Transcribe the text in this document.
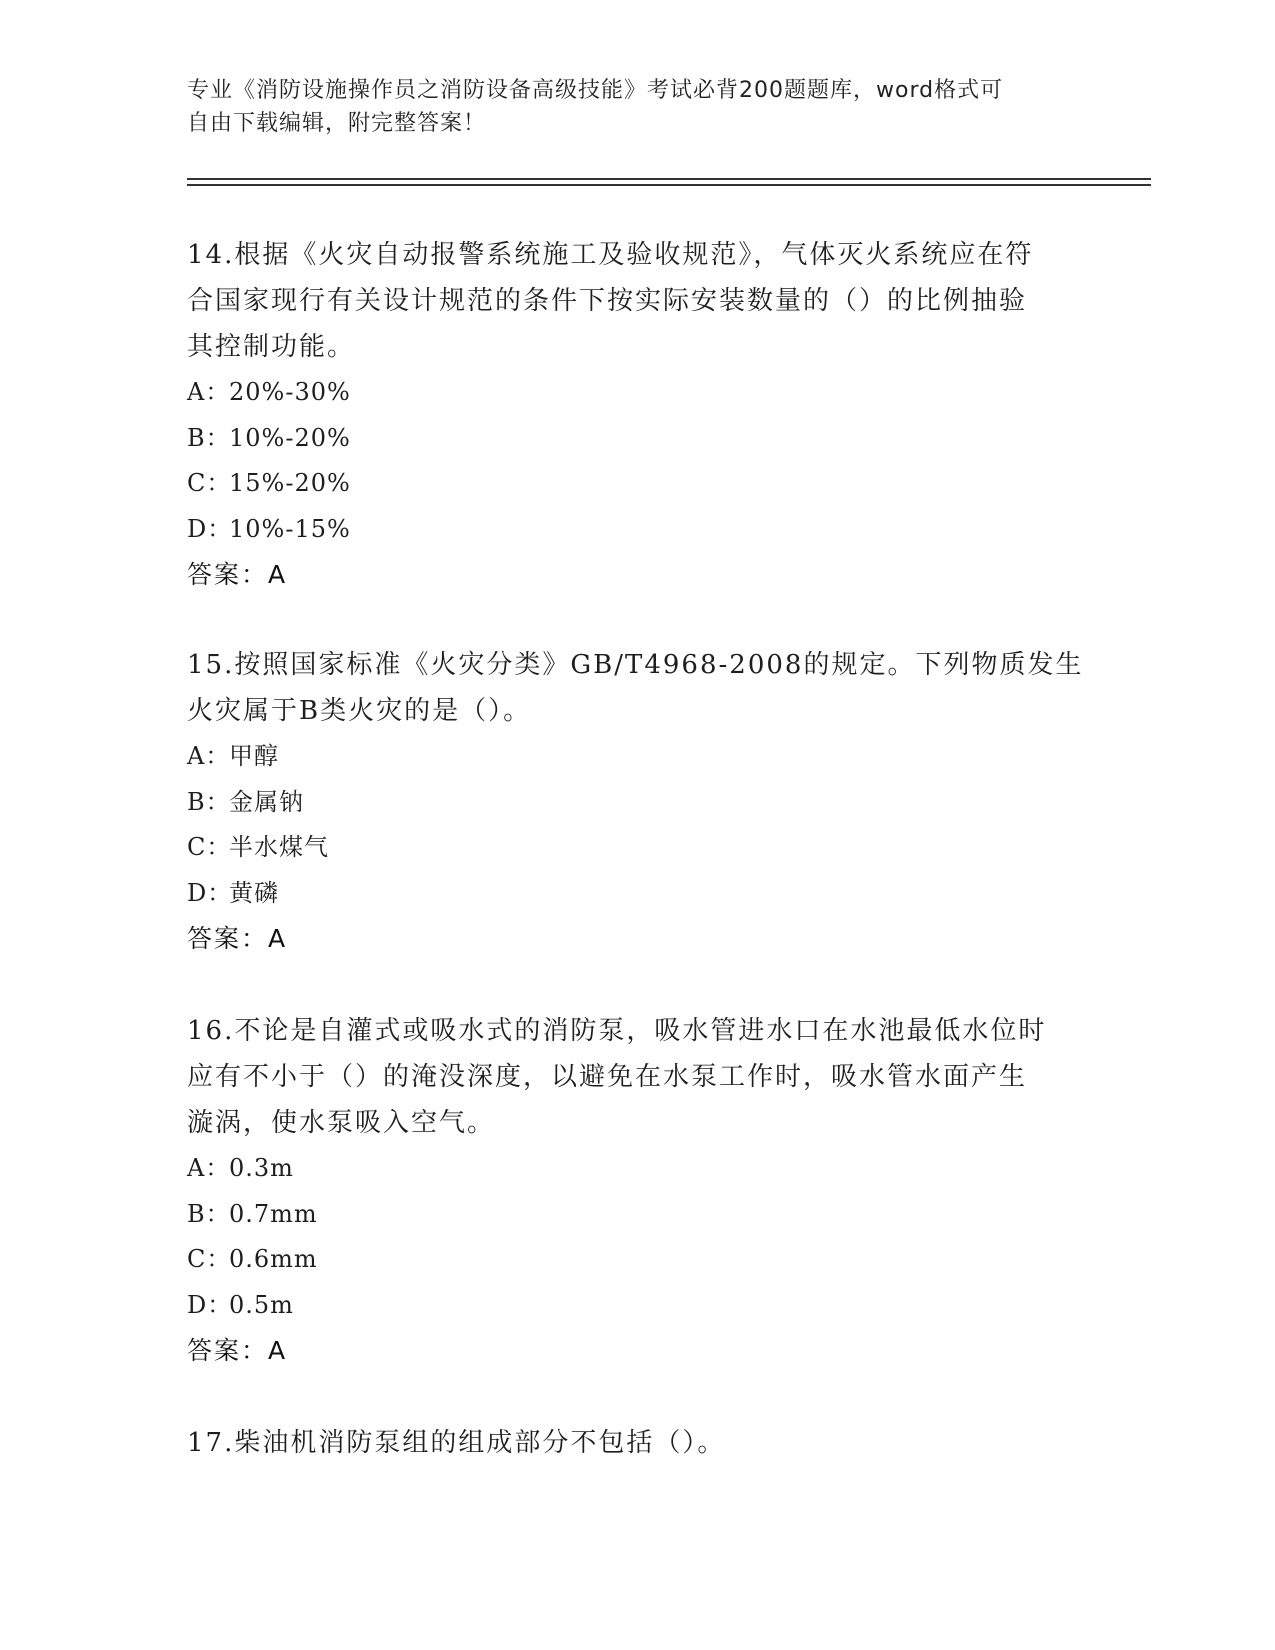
专业《消防设施操作员之消防设备高级技能》考试必背200题题库，word格式可
自由下载编辑，附完整答案！
14.根据《火灾自动报警系统施工及验收规范》，气体灭火系统应在符
合国家现行有关设计规范的条件下按实际安装数量的（）的比例抽验
其控制功能。
A：
20%-30%
B：
10%-20%
C：
15%-20%
D：
10%-15%
答案：A
15.按照国家标准《火灾分类》GB/T4968-2008的规定。下列物质发生
火灾属于B类火灾的是（）。
A：
甲醇
B：
金属钠
C：
半水煤气
D：
黄磷
答案：A
16.不论是自灌式或吸水式的消防泵，吸水管进水口在水池最低水位时
应有不小于（）的淹没深度，以避免在水泵工作时，吸水管水面产生
漩涡，使水泵吸入空气。
A：
0.3m
B：
0.7mm
C：
0.6mm
D：
0.5m
答案：A
17.柴油机消防泵组的组成部分不包括（）。
